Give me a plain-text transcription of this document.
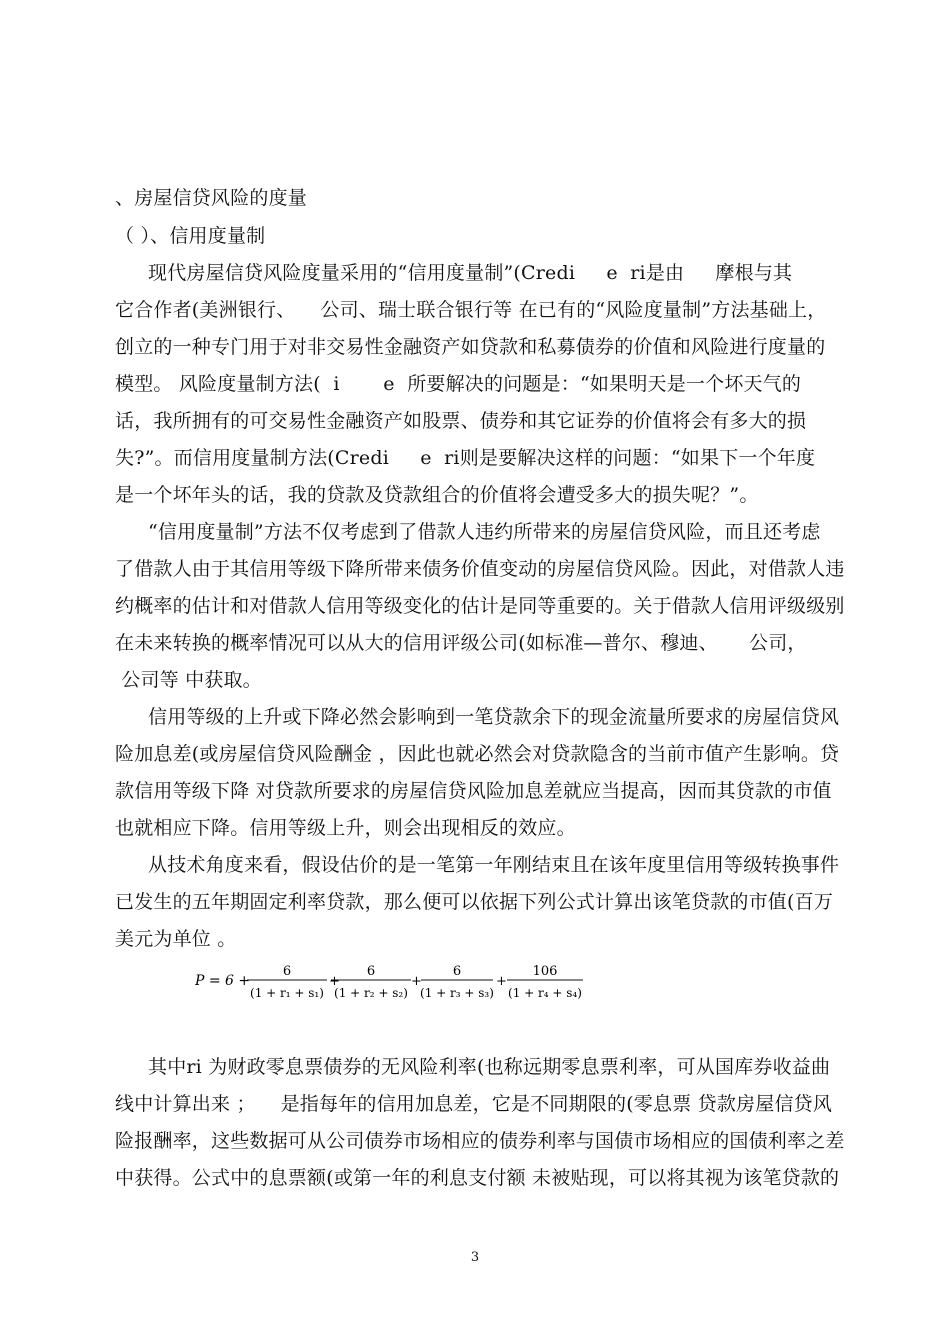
、房屋信贷风险的度量
（ ）、信用度量制
现代房屋信贷风险度量采用的“信用度量制”(Credi     e  ri是由     摩根与其
它合作者(美洲银行、    公司、瑞士联合银行等 在已有的“风险度量制”方法基础上，
创立的一种专门用于对非交易性金融资产如贷款和私募债券的价值和风险进行度量的
模型。 风险度量制方法(  i       e  所要解决的问题是：“如果明天是一个坏天气的
话，我所拥有的可交易性金融资产如股票、债券和其它证券的价值将会有多大的损
失?”。而信用度量制方法(Credi     e  ri则是要解决这样的问题：“如果下一个年度
是一个坏年头的话，我的贷款及贷款组合的价值将会遭受多大的损失呢？”。
“信用度量制”方法不仅考虑到了借款人违约所带来的房屋信贷风险，而且还考虑
了借款人由于其信用等级下降所带来债务价值变动的房屋信贷风险。因此，对借款人违
约概率的估计和对借款人信用等级变化的估计是同等重要的。关于借款人信用评级级别
在未来转换的概率情况可以从大的信用评级公司(如标准—普尔、穆迪、     公司，
公司等 中获取。
信用等级的上升或下降必然会影响到一笔贷款余下的现金流量所要求的房屋信贷风
险加息差(或房屋信贷风险酬金 ，因此也就必然会对贷款隐含的当前市值产生影响。贷
款信用等级下降 对贷款所要求的房屋信贷风险加息差就应当提高，因而其贷款的市值
也就相应下降。信用等级上升，则会出现相反的效应。
从技术角度来看，假设估价的是一笔第一年刚结束且在该年度里信用等级转换事件
已发生的五年期固定利率贷款，那么便可以依据下列公式计算出该笔贷款的市值(百万
美元为单位 。
P = 6 +
6
(1 + r₁ + s₁)
+
6
(1 + r₂ + s₂)
+
6
(1 + r₃ + s₃)
+
106
(1 + r₄ + s₄)
其中ri 为财政零息票债券的无风险利率(也称远期零息票利率，可从国库券收益曲
线中计算出来 ；    是指每年的信用加息差，它是不同期限的(零息票 贷款房屋信贷风
险报酬率，这些数据可从公司债券市场相应的债券利率与国债市场相应的国债利率之差
中获得。公式中的息票额(或第一年的利息支付额 未被贴现，可以将其视为该笔贷款的
3
